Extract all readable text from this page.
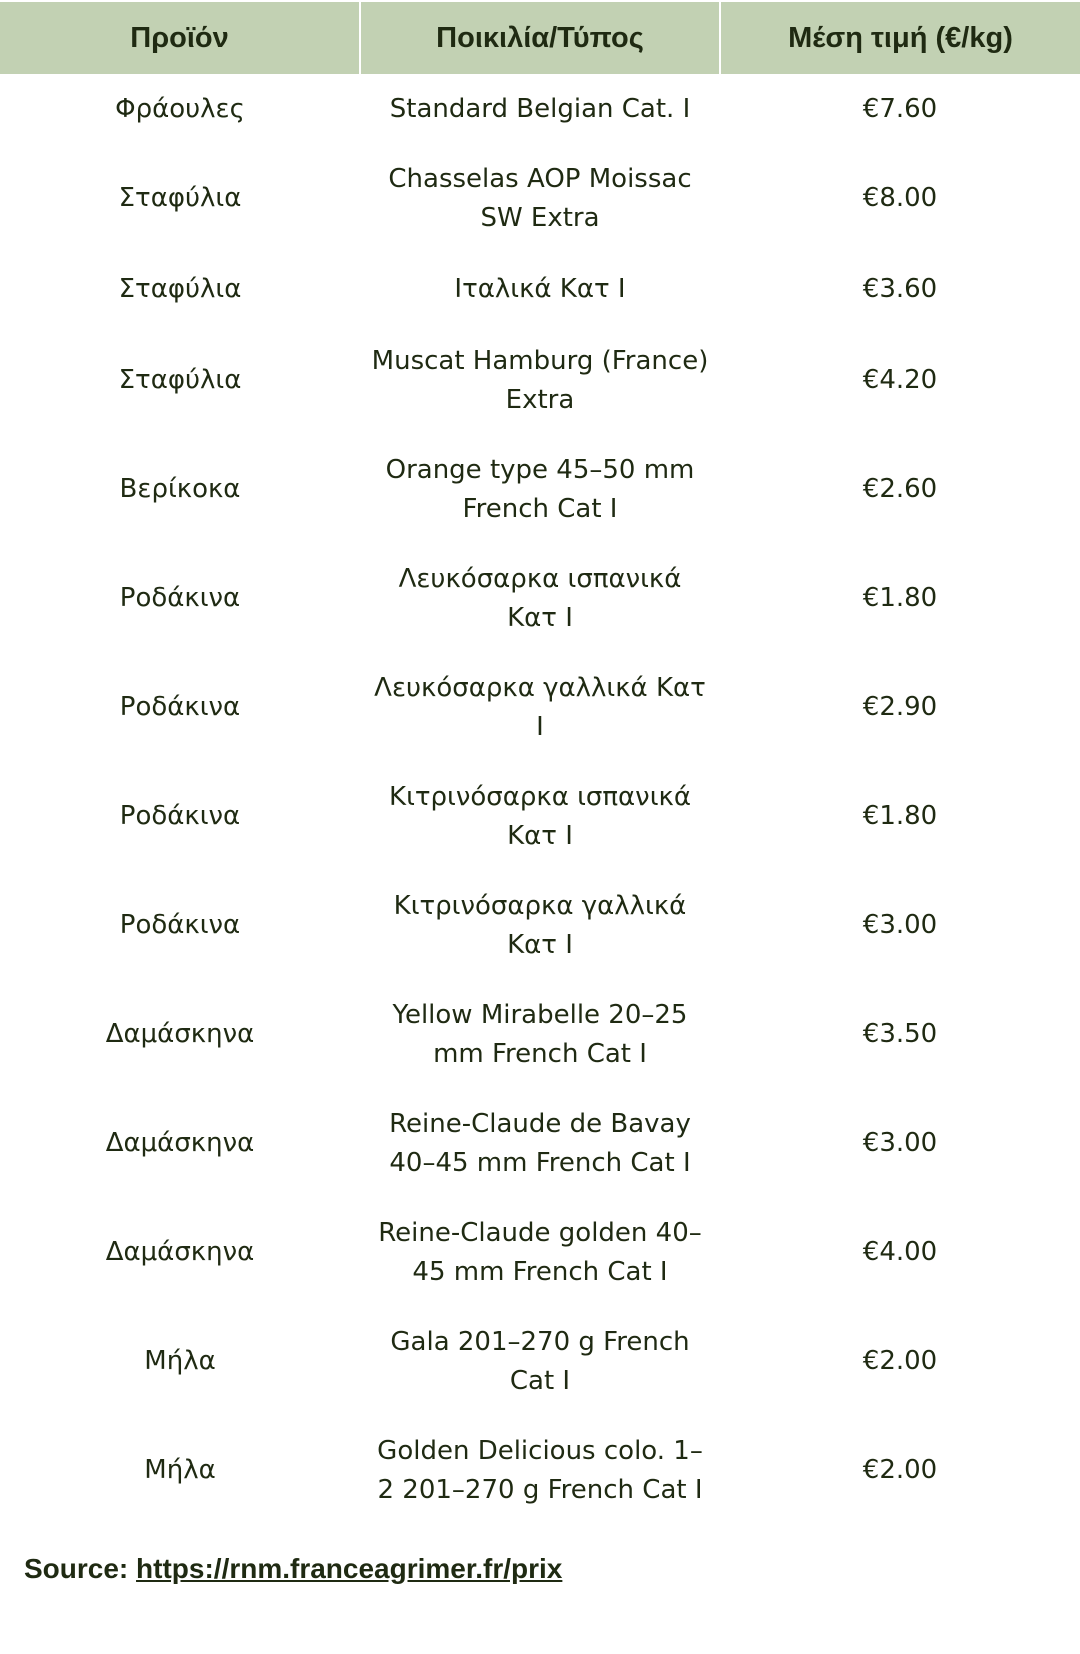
Προϊόν	Ποικιλία/Τύπος	Μέση τιμή (€/kg)
Φράουλες	Standard Belgian Cat. I	€7.60
Σταφύλια	Chasselas AOP Moissac SW Extra	€8.00
Σταφύλια	Ιταλικά Κατ I	€3.60
Σταφύλια	Muscat Hamburg (France) Extra	€4.20
Βερίκοκα	Orange type 45–50 mm French Cat I	€2.60
Ροδάκινα	Λευκόσαρκα ισπανικά Κατ I	€1.80
Ροδάκινα	Λευκόσαρκα γαλλικά Κατ I	€2.90
Ροδάκινα	Κιτρινόσαρκα ισπανικά Κατ I	€1.80
Ροδάκινα	Κιτρινόσαρκα γαλλικά Κατ I	€3.00
Δαμάσκηνα	Yellow Mirabelle 20–25 mm French Cat I	€3.50
Δαμάσκηνα	Reine-Claude de Bavay 40–45 mm French Cat I	€3.00
Δαμάσκηνα	Reine-Claude golden 40–45 mm French Cat I	€4.00
Μήλα	Gala 201–270 g French Cat I	€2.00
Μήλα	Golden Delicious colo. 1–2 201–270 g French Cat I	€2.00
Source: https://rnm.franceagrimer.fr/prix
